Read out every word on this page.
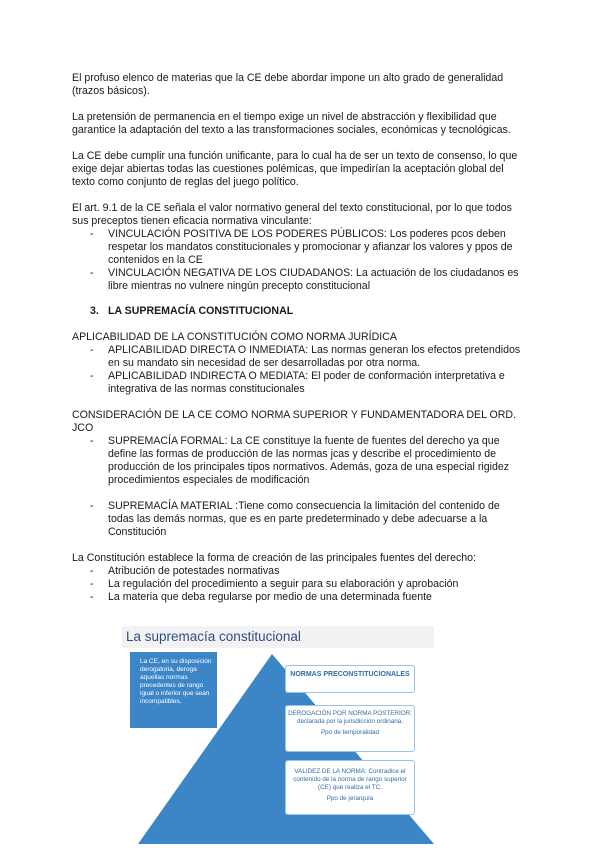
El profuso elenco de materias que la CE debe abordar impone un alto grado de generalidad (trazos básicos).

La pretensión de permanencia en el tiempo exige un nivel de abstracción y flexibilidad que garantice la adaptación del texto a las transformaciones sociales, económicas y tecnológicas.

La CE debe cumplir una función unificante, para lo cual ha de ser un texto de consenso, lo que exige dejar abiertas todas las cuestiones polémicas, que impedirían la aceptación global del texto como conjunto de reglas del juego político.

El art. 9.1 de la CE señala el valor normativo general del texto constitucional, por lo que todos sus preceptos tienen eficacia normativa vinculante:

- VINCULACIÓN POSITIVA DE LOS PODERES PÚBLICOS: Los poderes pcos deben respetar los mandatos constitucionales y promocionar y afianzar los valores y ppos de contenidos en la CE
- VINCULACIÓN NEGATIVA DE LOS CIUDADANOS: La actuación de los ciudadanos es libre mientras no vulnere ningún precepto constitucional

3. LA SUPREMACÍA CONSTITUCIONAL

APLICABILIDAD DE LA CONSTITUCIÓN COMO NORMA JURÍDICA

- APLICABILIDAD DIRECTA O INMEDIATA: Las normas generan los efectos pretendidos en su mandato sin necesidad de ser desarrolladas por otra norma.
- APLICABILIDAD INDIRECTA O MEDIATA: El poder de conformación interpretativa e integrativa de las normas constitucionales

CONSIDERACIÓN DE LA CE COMO NORMA SUPERIOR Y FUNDAMENTADORA DEL ORD. JCO

- SUPREMACÍA FORMAL: La CE constituye la fuente de fuentes del derecho ya que define las formas de producción de las normas jcas y describe el procedimiento de producción de los principales tipos normativos. Además, goza de una especial rigidez procedimientos especiales de modificación
- SUPREMACÍA MATERIAL :Tiene como consecuencia la limitación del contenido de todas las demás normas, que es en parte predeterminado y debe adecuarse a la Constitución

La Constitución establece la forma de creación de las principales fuentes del derecho:

- Atribución de potestades normativas
- La regulación del procedimiento a seguir para su elaboración y aprobación
- La materia que deba regularse por medio de una determinada fuente
La supremacía constitucional
La CE, en su disposición derogatoria, deroga aquellas normas precedentes de rango igual o inferior que sean incompatibles.
NORMAS PRECONSTITUCIONALES
DEROGACIÓN POR NORMA POSTERIOR: declarada por la jurisdicción ordinaria.
Ppo de temporalidad
VALIDEZ DE LA NORMA: Contradice el contenido de la norma de rango superior (CE) que realiza el TC.
Ppo de jerarquía
